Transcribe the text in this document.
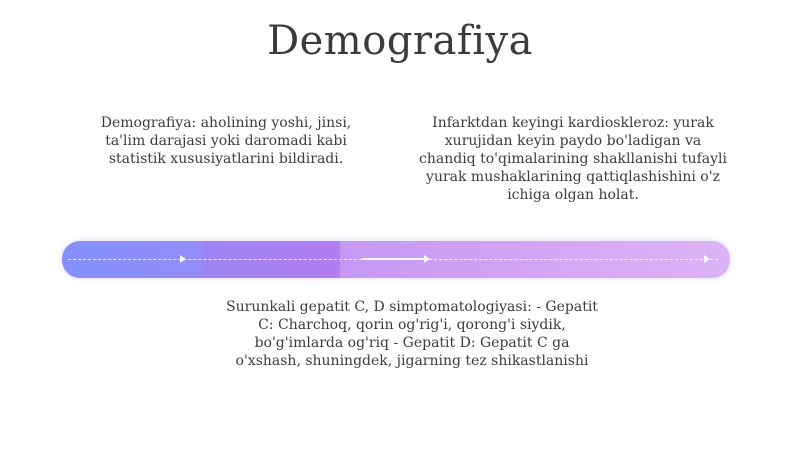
Demografiya
Demografiya: aholining yoshi, jinsi, ta'lim darajasi yoki daromadi kabi statistik xususiyatlarini bildiradi.
Infarktdan keyingi kardioskleroz: yurak xurujidan keyin paydo bo'ladigan va chandiq to'qimalarining shakllanishi tufayli yurak mushaklarining qattiqlashishini o'z ichiga olgan holat.
Surunkali gepatit C, D simptomatologiyasi: - Gepatit C: Charchoq, qorin og'rig'i, qorong'i siydik, bo'g'imlarda og'riq - Gepatit D: Gepatit C ga o'xshash, shuningdek, jigarning tez shikastlanishi
